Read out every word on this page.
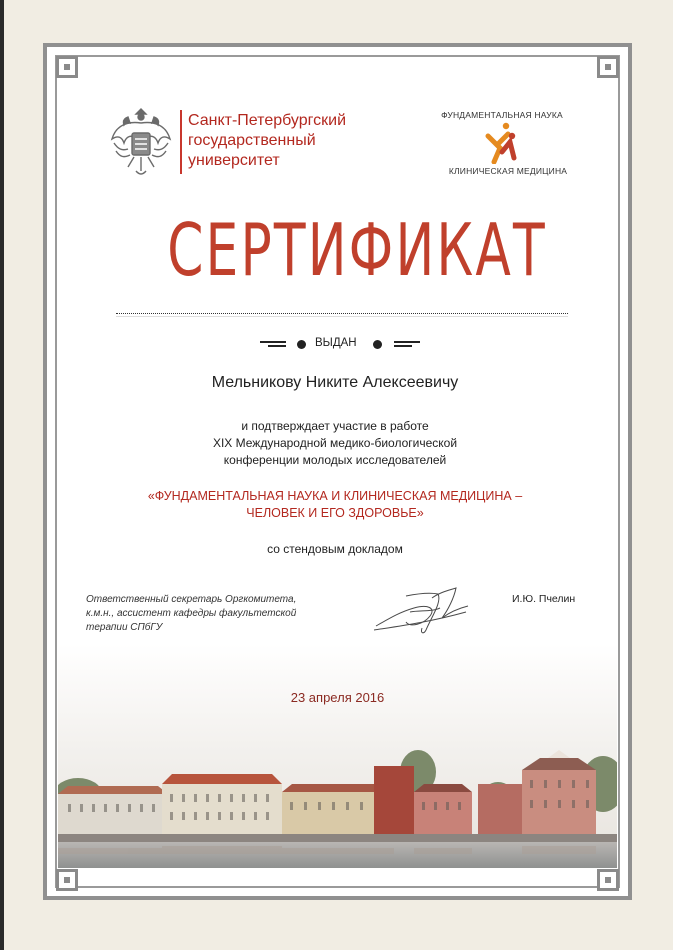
Санкт-Петербургский
государственный
университет
ФУНДАМЕНТАЛЬНАЯ НАУКА
КЛИНИЧЕСКАЯ МЕДИЦИНА
СЕРТИФИКАТ
ВЫДАН
Мельникову Никите Алексеевичу
и подтверждает участие в работе
XIX Международной медико-биологической
конференции молодых исследователей
«ФУНДАМЕНТАЛЬНАЯ НАУКА И КЛИНИЧЕСКАЯ МЕДИЦИНА –
ЧЕЛОВЕК И ЕГО ЗДОРОВЬЕ»
со стендовым докладом
Ответственный секретарь Оргкомитета,
к.м.н., ассистент кафедры факультетской
терапии СПбГУ
И.Ю. Пчелин
23 апреля 2016
